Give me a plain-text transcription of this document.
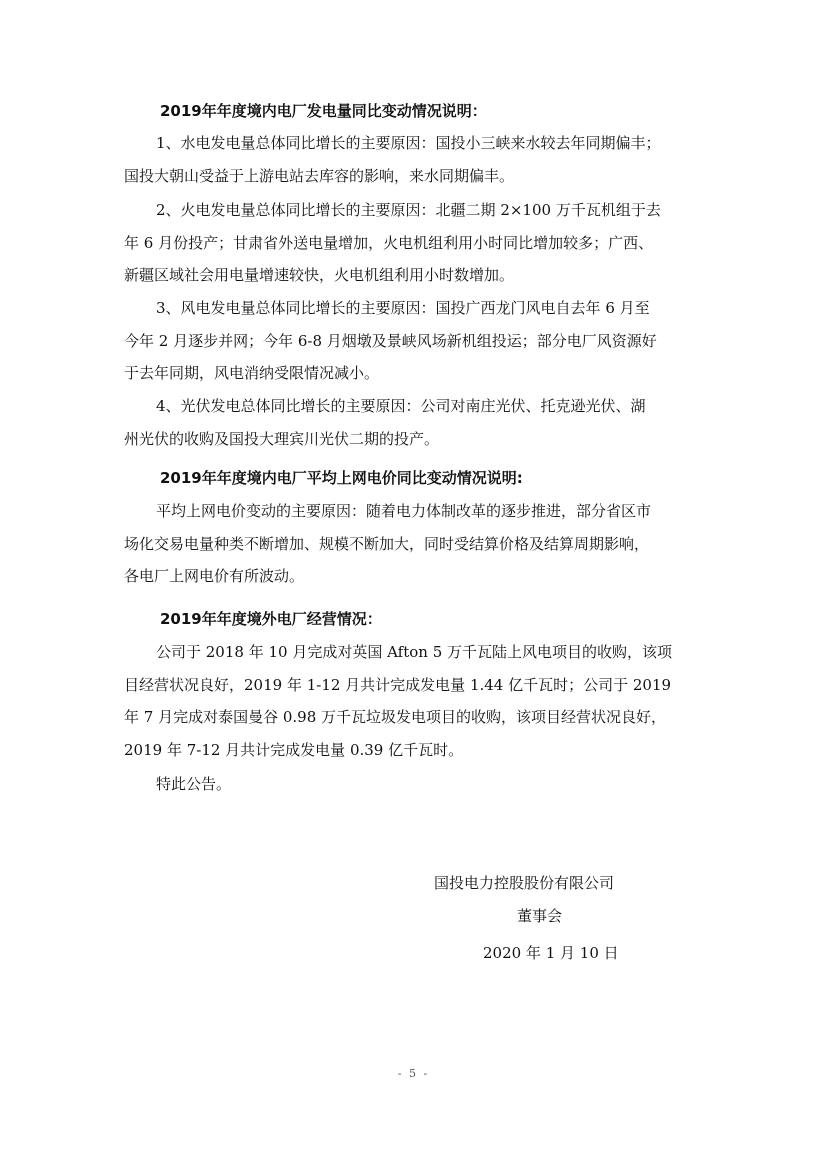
2019年年度境内电厂发电量同比变动情况说明：
1、水电发电量总体同比增长的主要原因：国投小三峡来水较去年同期偏丰；
国投大朝山受益于上游电站去库容的影响，来水同期偏丰。
2、火电发电量总体同比增长的主要原因：北疆二期 2×100 万千瓦机组于去
年 6 月份投产；甘肃省外送电量增加，火电机组利用小时同比增加较多；广西、
新疆区域社会用电量增速较快，火电机组利用小时数增加。
3、风电发电量总体同比增长的主要原因：国投广西龙门风电自去年 6 月至
今年 2 月逐步并网；今年 6-8 月烟墩及景峡风场新机组投运；部分电厂风资源好
于去年同期，风电消纳受限情况减小。
4、光伏发电总体同比增长的主要原因：公司对南庄光伏、托克逊光伏、湖
州光伏的收购及国投大理宾川光伏二期的投产。
2019年年度境内电厂平均上网电价同比变动情况说明:
平均上网电价变动的主要原因：随着电力体制改革的逐步推进，部分省区市
场化交易电量种类不断增加、规模不断加大，同时受结算价格及结算周期影响，
各电厂上网电价有所波动。
2019年年度境外电厂经营情况：
公司于 2018 年 10 月完成对英国 Afton 5 万千瓦陆上风电项目的收购，该项
目经营状况良好，2019 年 1-12 月共计完成发电量 1.44 亿千瓦时；公司于 2019
年 7 月完成对泰国曼谷 0.98 万千瓦垃圾发电项目的收购，该项目经营状况良好，
2019 年 7-12 月共计完成发电量 0.39 亿千瓦时。
特此公告。
国投电力控股股份有限公司
董事会
2020 年 1 月 10 日
- 5 -
